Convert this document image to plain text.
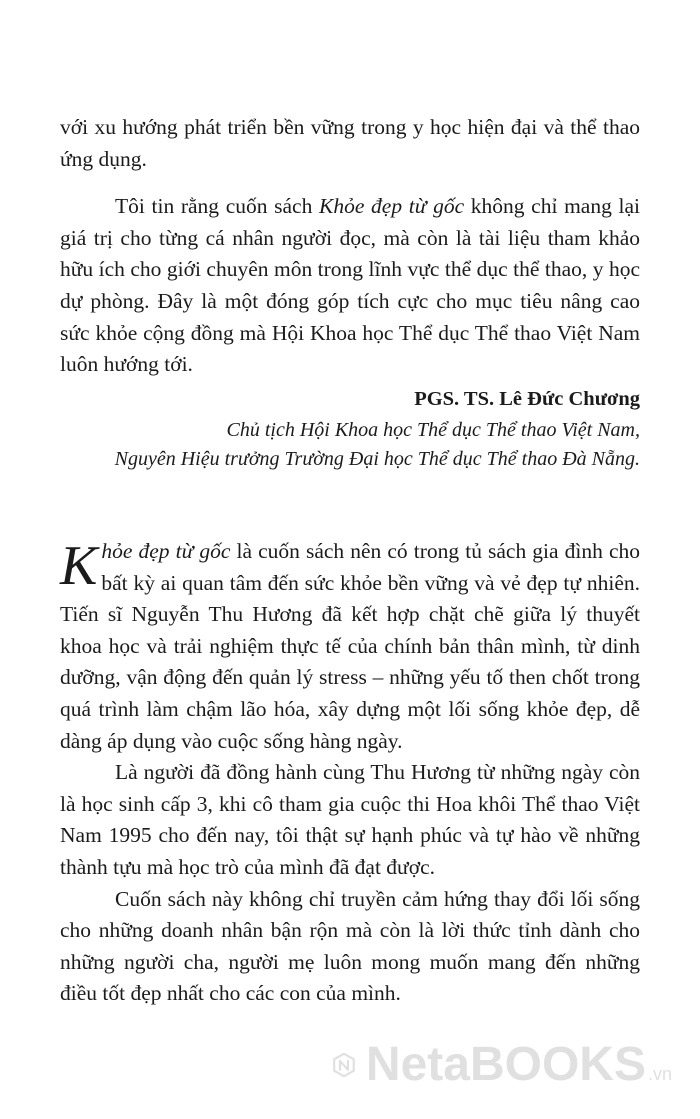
với xu hướng phát triển bền vững trong y học hiện đại và thể thao ứng dụng.

Tôi tin rằng cuốn sách Khỏe đẹp từ gốc không chỉ mang lại giá trị cho từng cá nhân người đọc, mà còn là tài liệu tham khảo hữu ích cho giới chuyên môn trong lĩnh vực thể dục thể thao, y học dự phòng. Đây là một đóng góp tích cực cho mục tiêu nâng cao sức khỏe cộng đồng mà Hội Khoa học Thể dục Thể thao Việt Nam luôn hướng tới.

PGS. TS. Lê Đức Chương
Chủ tịch Hội Khoa học Thể dục Thể thao Việt Nam,
Nguyên Hiệu trưởng Trường Đại học Thể dục Thể thao Đà Nẵng.

Khỏe đẹp từ gốc là cuốn sách nên có trong tủ sách gia đình cho bất kỳ ai quan tâm đến sức khỏe bền vững và vẻ đẹp tự nhiên. Tiến sĩ Nguyễn Thu Hương đã kết hợp chặt chẽ giữa lý thuyết khoa học và trải nghiệm thực tế của chính bản thân mình, từ dinh dưỡng, vận động đến quản lý stress – những yếu tố then chốt trong quá trình làm chậm lão hóa, xây dựng một lối sống khỏe đẹp, dễ dàng áp dụng vào cuộc sống hàng ngày.

Là người đã đồng hành cùng Thu Hương từ những ngày còn là học sinh cấp 3, khi cô tham gia cuộc thi Hoa khôi Thể thao Việt Nam 1995 cho đến nay, tôi thật sự hạnh phúc và tự hào về những thành tựu mà học trò của mình đã đạt được.

Cuốn sách này không chỉ truyền cảm hứng thay đổi lối sống cho những doanh nhân bận rộn mà còn là lời thức tỉnh dành cho những người cha, người mẹ luôn mong muốn mang đến những điều tốt đẹp nhất cho các con của mình.

NetaBOOKS .vn
